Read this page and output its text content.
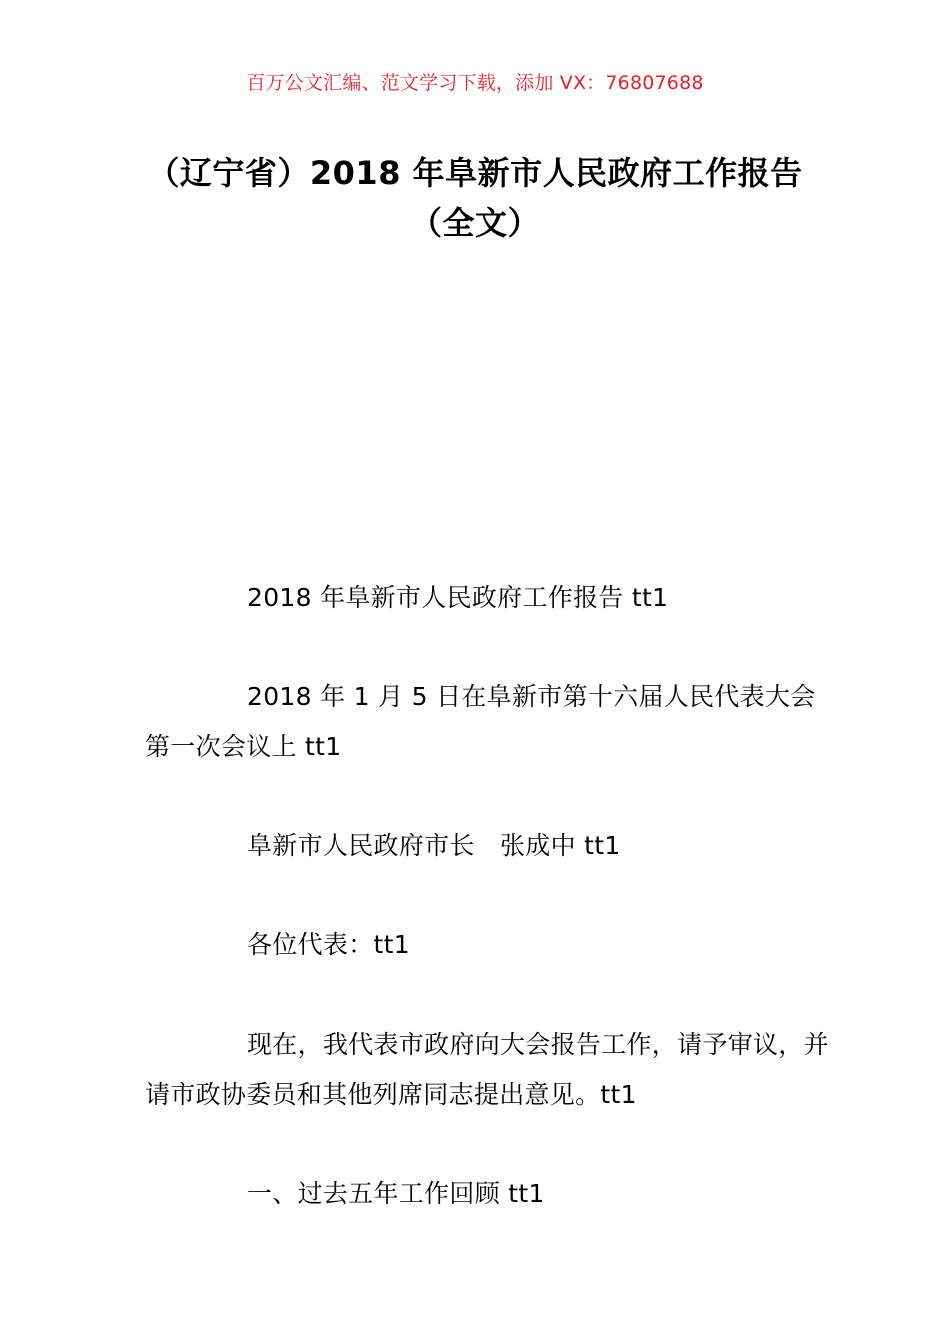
百万公文汇编、范文学习下载，添加 VX：76807688
（辽宁省）2018 年阜新市人民政府工作报告（全文）

2018 年阜新市人民政府工作报告 tt1

2018 年 1 月 5 日在阜新市第十六届人民代表大会第一次会议上 tt1

阜新市人民政府市长　张成中 tt1

各位代表：tt1

现在，我代表市政府向大会报告工作，请予审议，并请市政协委员和其他列席同志提出意见。tt1

一、过去五年工作回顾 tt1
